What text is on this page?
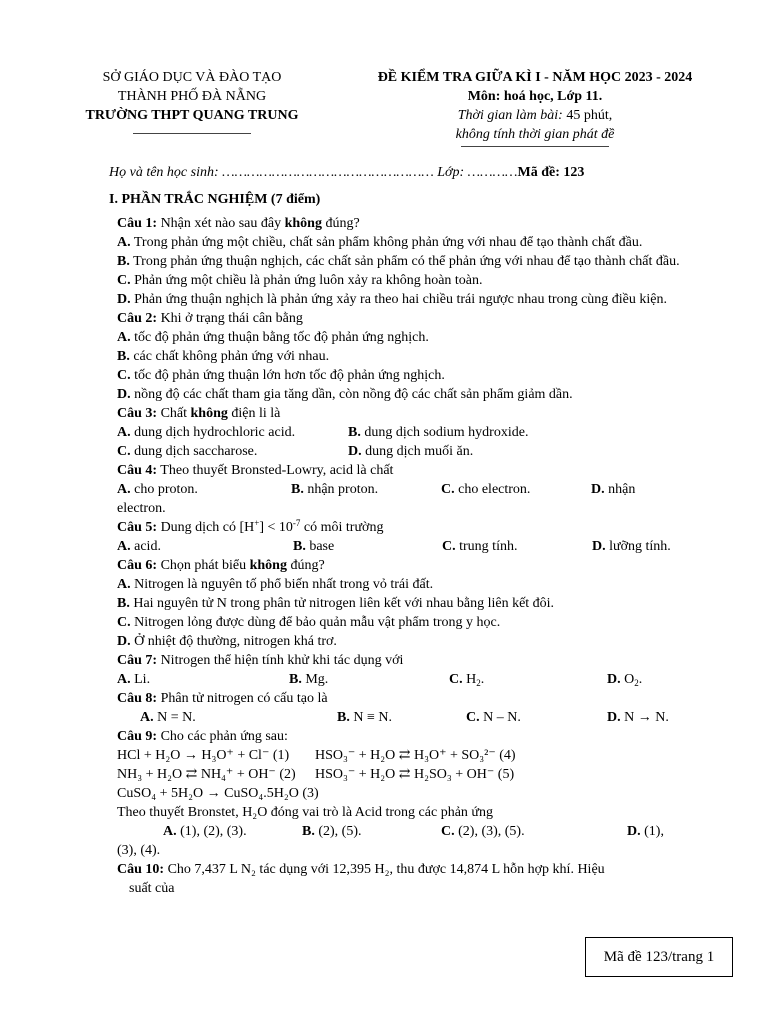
SỞ GIÁO DỤC VÀ ĐÀO TẠO
THÀNH PHỐ ĐÀ NẴNG
TRƯỜNG THPT QUANG TRUNG
ĐỀ KIỂM TRA GIỮA KÌ I - NĂM HỌC 2023 - 2024
Môn: hoá học, Lớp 11.
Thời gian làm bài: 45 phút,
không tính thời gian phát đề
Họ và tên học sinh: …………………………………………… Lớp: …………Mã đề: 123
I. PHẦN TRẮC NGHIỆM (7 điểm)

Câu 1: Nhận xét nào sau đây không đúng?

A. Trong phản ứng một chiều, chất sản phẩm không phản ứng với nhau để tạo thành chất đầu.

B. Trong phản ứng thuận nghịch, các chất sản phẩm có thể phản ứng với nhau để tạo thành chất đầu.

C. Phản ứng một chiều là phản ứng luôn xảy ra không hoàn toàn.

D. Phản ứng thuận nghịch là phản ứng xảy ra theo hai chiều trái ngược nhau trong cùng điều kiện.

Câu 2: Khi ở trạng thái cân bằng

A. tốc độ phản ứng thuận bằng tốc độ phản ứng nghịch.

B. các chất không phản ứng với nhau.

C. tốc độ phản ứng thuận lớn hơn tốc độ phản ứng nghịch.

D. nồng độ các chất tham gia tăng dần, còn nồng độ các chất sản phẩm giảm dần.

Câu 3: Chất không điện li là

A. dung dịch hydrochloric acid.	B. dung dịch sodium hydroxide.
C. dung dịch saccharose.	D. dung dịch muối ăn.

Câu 4: Theo thuyết Bronsted-Lowry, acid là chất

A. cho proton.	B. nhận proton.	C. cho electron.	D. nhận

electron.

Câu 5: Dung dịch có $[H^+] < 10^{-7}$ có môi trường

A. acid.	B. base	C. trung tính.	D. lưỡng tính.

Câu 6: Chọn phát biểu không đúng?

A. Nitrogen là nguyên tố phổ biến nhất trong vỏ trái đất.

B. Hai nguyên tử N trong phân tử nitrogen liên kết với nhau bằng liên kết đôi.

C. Nitrogen lỏng được dùng để bảo quản mẫu vật phẩm trong y học.

D. Ở nhiệt độ thường, nitrogen khá trơ.

Câu 7: Nitrogen thể hiện tính khử khi tác dụng với

A. Li.	B. Mg.	C. $H_2$.	D. $O_2$.

Câu 8: Phân tử nitrogen có cấu tạo là

A. N = N.	B. N ≡ N.	C. N – N.	D. N → N.

Câu 9: Cho các phản ứng sau:

HCl + H₂O → H₃O⁺ + Cl⁻ (1)	HSO₃⁻ + H₂O ⇄ H₃O⁺ + SO₃²⁻ (4)
NH₃ + H₂O ⇄ NH₄⁺ + OH⁻ (2)	HSO₃⁻ + H₂O ⇄ H₂SO₃ + OH⁻ (5)

CuSO₄ + 5H₂O → CuSO₄.5H₂O (3)

Theo thuyết Bronstet, H₂O đóng vai trò là Acid trong các phản ứng

A. (1), (2), (3).	B. (2), (5).	C. (2), (3), (5).	D. (1),

(3), (4).

Câu 10: Cho 7,437 L N₂ tác dụng với 12,395 H₂, thu được 14,874 L hỗn hợp khí. Hiệu

suất của

Mã đề 123/trang 1
